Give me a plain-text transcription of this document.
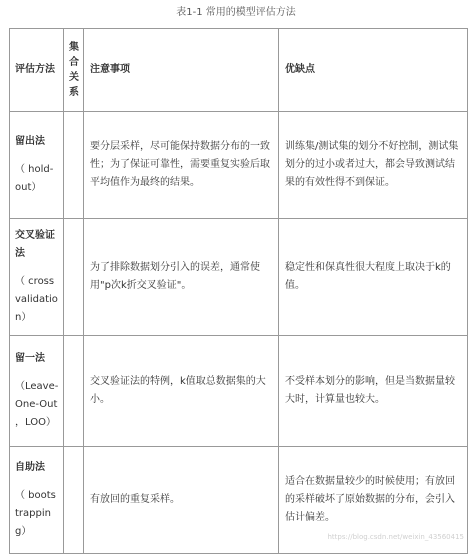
表1-1 常用的模型评估方法
评估方法	集合关系	注意事项	优缺点

留出法
（ hold-out）		要分层采样，尽可能保持数据分布的一致性；为了保证可靠性，需要重复实验后取平均值作为最终的结果。	训练集/测试集的划分不好控制，测试集划分的过小或者过大，都会导致测试结果的有效性得不到保证。

交叉验证法
（ cross validation）		为了排除数据划分引入的误差，通常使用"p次k折交叉验证"。	稳定性和保真性很大程度上取决于k的值。

留一法
（Leave-One-Out ，LOO）		交叉验证法的特例，k值取总数据集的大小。	不受样本划分的影响，但是当数据量较大时，计算量也较大。

自助法
（ bootstrapping）		有放回的重复采样。	适合在数据量较少的时候使用；有放回的采样破坏了原始数据的分布，会引入估计偏差。
https://blog.csdn.net/weixin_43560415
